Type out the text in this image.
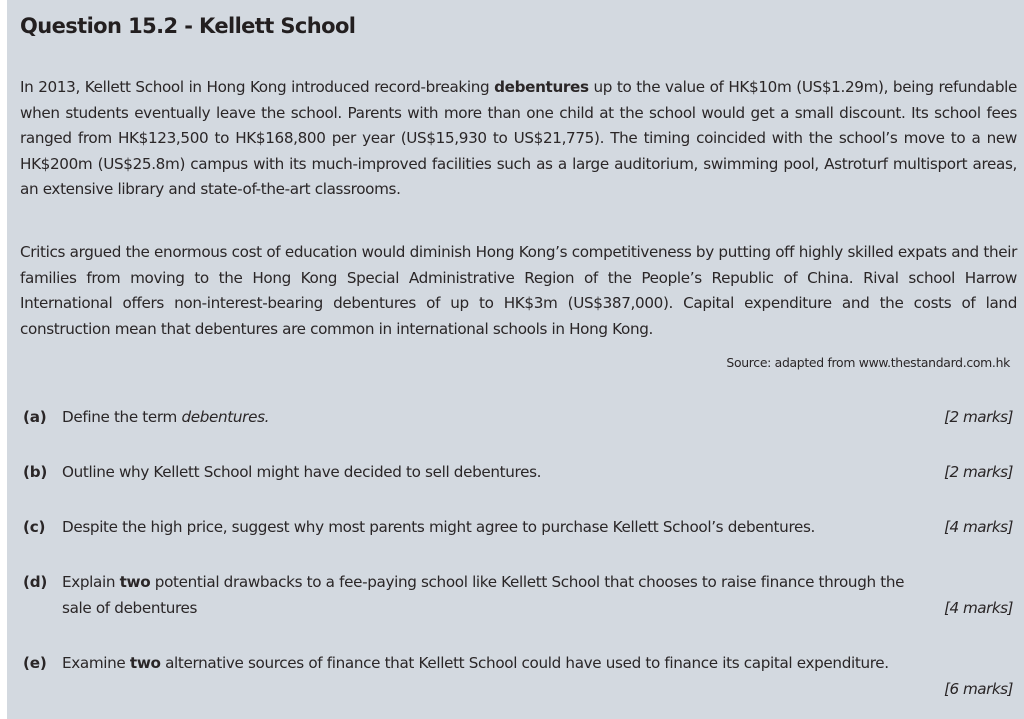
Question 15.2 - Kellett School
In 2013, Kellett School in Hong Kong introduced record-breaking debentures up to the value of HK$10m (US$1.29m), being refundable when students eventually leave the school. Parents with more than one child at the school would get a small discount. Its school fees ranged from HK$123,500 to HK$168,800 per year (US$15,930 to US$21,775). The timing coincided with the school’s move to a new HK$200m (US$25.8m) campus with its much-improved facilities such as a large auditorium, swimming pool, Astroturf multisport areas, an extensive library and state-of-the-art classrooms.
Critics argued the enormous cost of education would diminish Hong Kong’s competitiveness by putting off highly skilled expats and their families from moving to the Hong Kong Special Administrative Region of the People’s Republic of China. Rival school Harrow International offers non-interest-bearing debentures of up to HK$3m (US$387,000). Capital expenditure and the costs of land construction mean that debentures are common in international schools in Hong Kong.
Source: adapted from www.thestandard.com.hk
(a) Define the term debentures.	[2 marks]
(b) Outline why Kellett School might have decided to sell debentures.	[2 marks]
(c) Despite the high price, suggest why most parents might agree to purchase Kellett School’s debentures.	[4 marks]
(d) Explain two potential drawbacks to a fee-paying school like Kellett School that chooses to raise finance through the
sale of debentures	[4 marks]
(e) Examine two alternative sources of finance that Kellett School could have used to finance its capital expenditure.
[6 marks]
